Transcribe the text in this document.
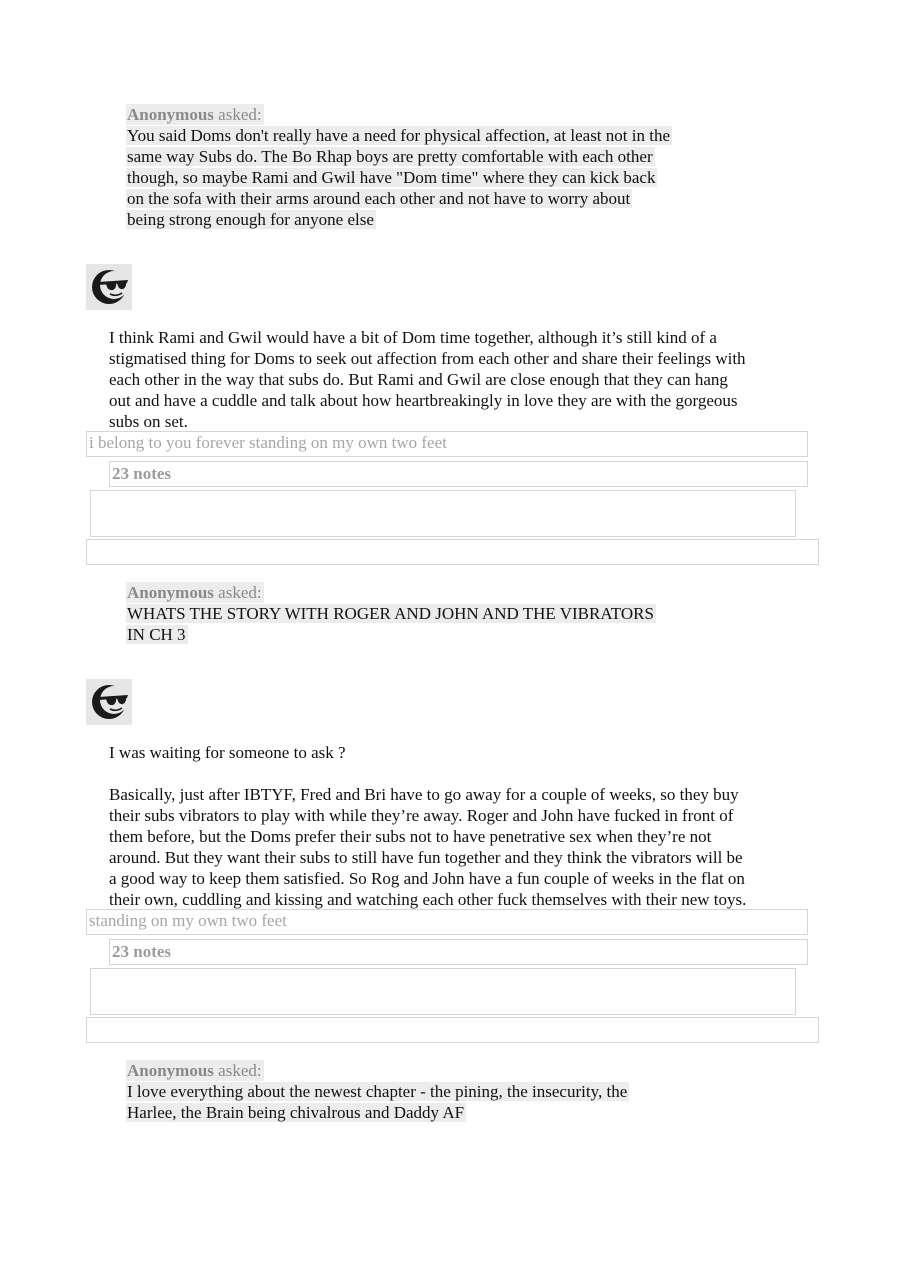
Anonymous asked:
You said Doms don't really have a need for physical affection, at least not in the
same way Subs do. The Bo Rhap boys are pretty comfortable with each other
though, so maybe Rami and Gwil have "Dom time" where they can kick back
on the sofa with their arms around each other and not have to worry about
being strong enough for anyone else
I think Rami and Gwil would have a bit of Dom time together, although it’s still kind of a
stigmatised thing for Doms to seek out affection from each other and share their feelings with
each other in the way that subs do. But Rami and Gwil are close enough that they can hang
out and have a cuddle and talk about how heartbreakingly in love they are with the gorgeous
subs on set.
i belong to you forever standing on my own two feet
23 notes
Anonymous asked:
WHATS THE STORY WITH ROGER AND JOHN AND THE VIBRATORS
IN CH 3
I was waiting for someone to ask ?
Basically, just after IBTYF, Fred and Bri have to go away for a couple of weeks, so they buy
their subs vibrators to play with while they’re away. Roger and John have fucked in front of
them before, but the Doms prefer their subs not to have penetrative sex when they’re not
around. But they want their subs to still have fun together and they think the vibrators will be
a good way to keep them satisfied. So Rog and John have a fun couple of weeks in the flat on
their own, cuddling and kissing and watching each other fuck themselves with their new toys.
standing on my own two feet
23 notes
Anonymous asked:
I love everything about the newest chapter - the pining, the insecurity, the
Harlee, the Brain being chivalrous and Daddy AF
